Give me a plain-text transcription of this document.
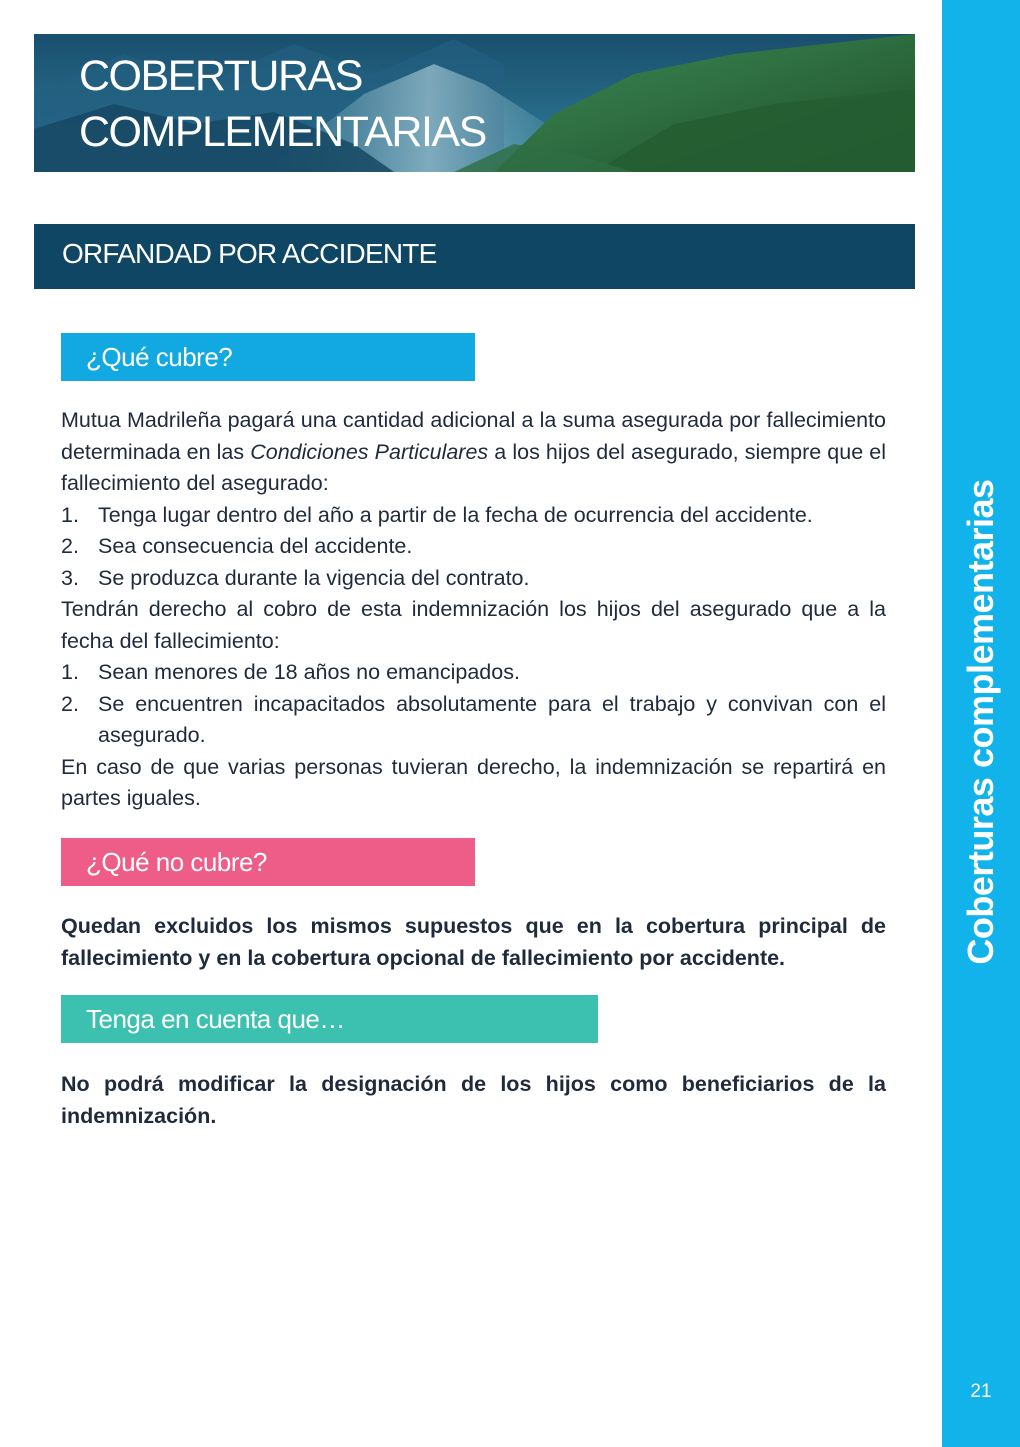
COBERTURAS
COMPLEMENTARIAS
ORFANDAD POR ACCIDENTE
¿Qué cubre?

Mutua Madrileña pagará una cantidad adicional a la suma asegurada por fallecimiento determinada en las Condiciones Particulares a los hijos del asegurado, siempre que el fallecimiento del asegurado:

1. Tenga lugar dentro del año a partir de la fecha de ocurrencia del accidente.

2. Sea consecuencia del accidente.

3. Se produzca durante la vigencia del contrato.

Tendrán derecho al cobro de esta indemnización los hijos del asegurado que a la fecha del fallecimiento:

1. Sean menores de 18 años no emancipados.

2. Se encuentren incapacitados absolutamente para el trabajo y convivan con el asegurado.

En caso de que varias personas tuvieran derecho, la indemnización se repartirá en partes iguales.

¿Qué no cubre?
Quedan excluidos los mismos supuestos que en la cobertura principal de fallecimiento y en la cobertura opcional de fallecimiento por accidente.
Tenga en cuenta que…
No podrá modificar la designación de los hijos como beneficiarios de la indemnización.
Coberturas complementarias
21
